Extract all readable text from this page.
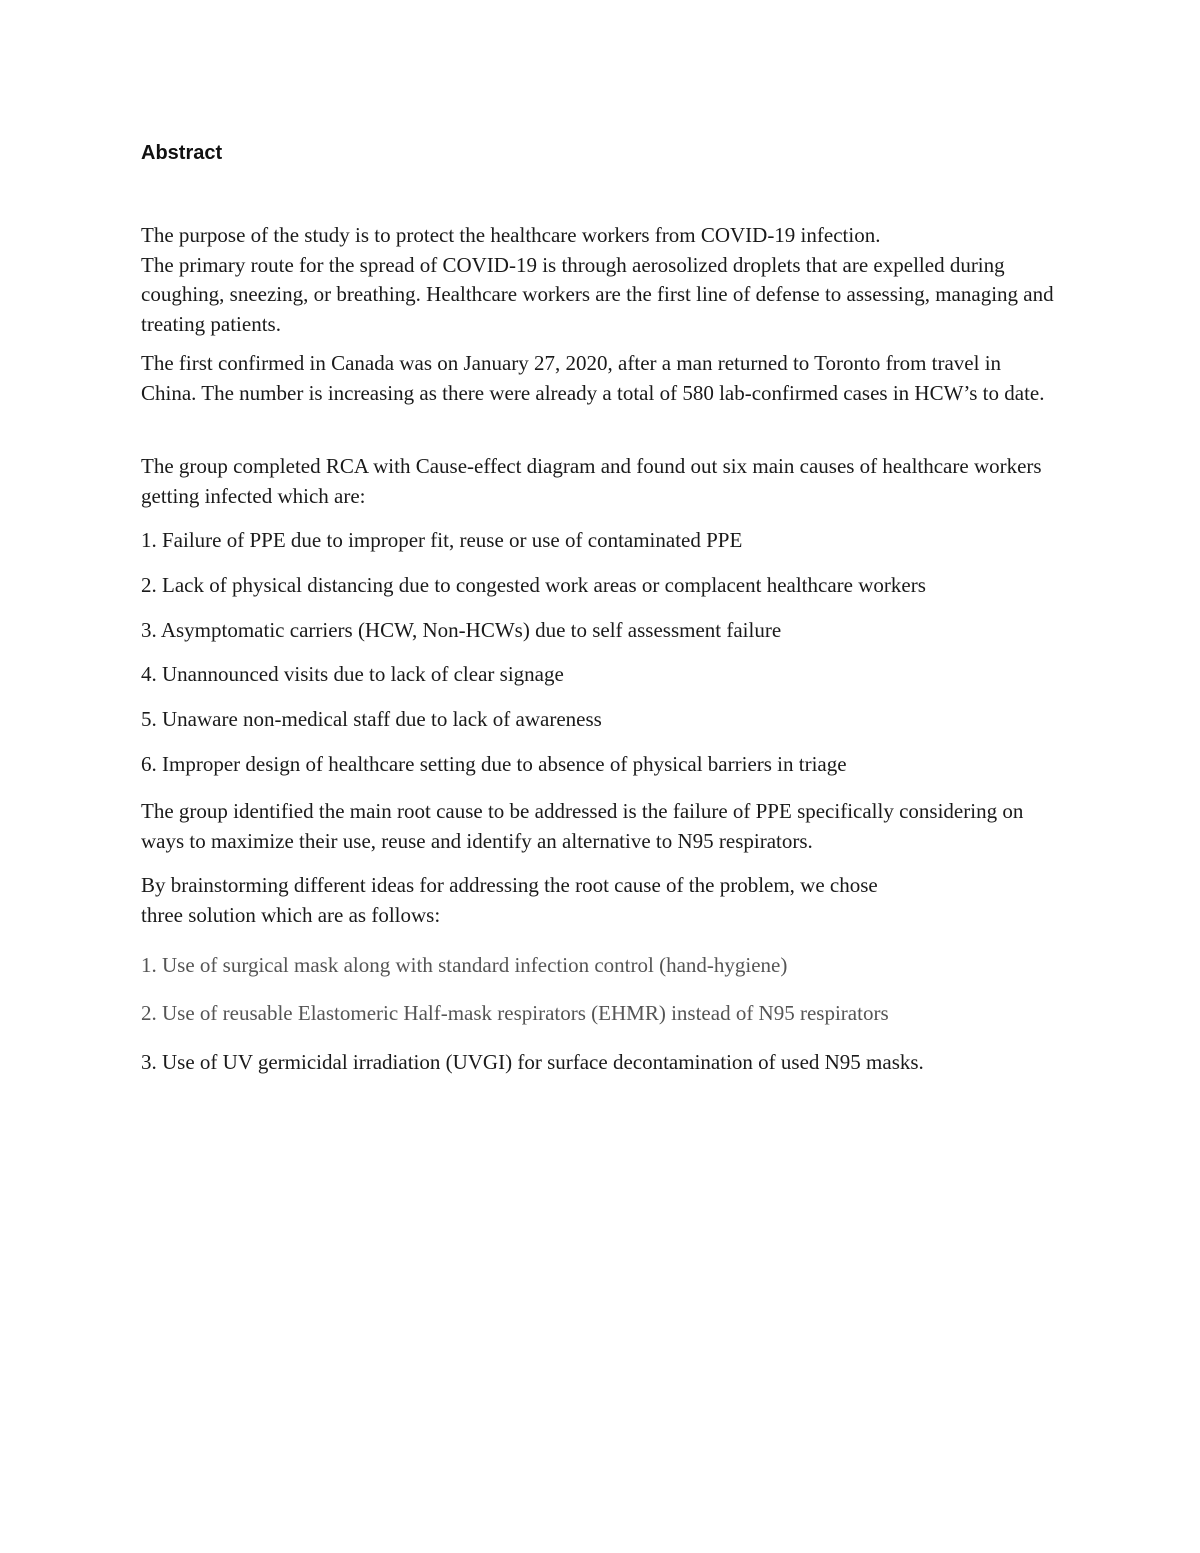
Abstract
The purpose of the study is to protect the healthcare workers from COVID-19 infection.
The primary route for the spread of COVID-19 is through aerosolized droplets that are expelled during coughing, sneezing, or breathing. Healthcare workers are the first line of defense to assessing, managing and treating patients.
The first confirmed in Canada was on January 27, 2020, after a man returned to Toronto from travel in China. The number is increasing as there were already a total of 580 lab-confirmed cases in HCW’s to date.
The group completed RCA with Cause-effect diagram and found out six main causes of healthcare workers getting infected which are:
1. Failure of PPE due to improper fit, reuse or use of contaminated PPE
2. Lack of physical distancing due to congested work areas or complacent healthcare workers
3. Asymptomatic carriers (HCW, Non-HCWs) due to self assessment failure
4. Unannounced visits due to lack of clear signage
5. Unaware non-medical staff due to lack of awareness
6. Improper design of healthcare setting due to absence of physical barriers in triage
The group identified the main root cause to be addressed is the failure of PPE specifically considering on ways to maximize their use, reuse and identify an alternative to N95 respirators.
By brainstorming different ideas for addressing the root cause of the problem, we chose
three solution which are as follows:
1. Use of surgical mask along with standard infection control (hand-hygiene)
2. Use of reusable Elastomeric Half-mask respirators (EHMR) instead of N95 respirators
3. Use of UV germicidal irradiation (UVGI) for surface decontamination of used N95 masks.
